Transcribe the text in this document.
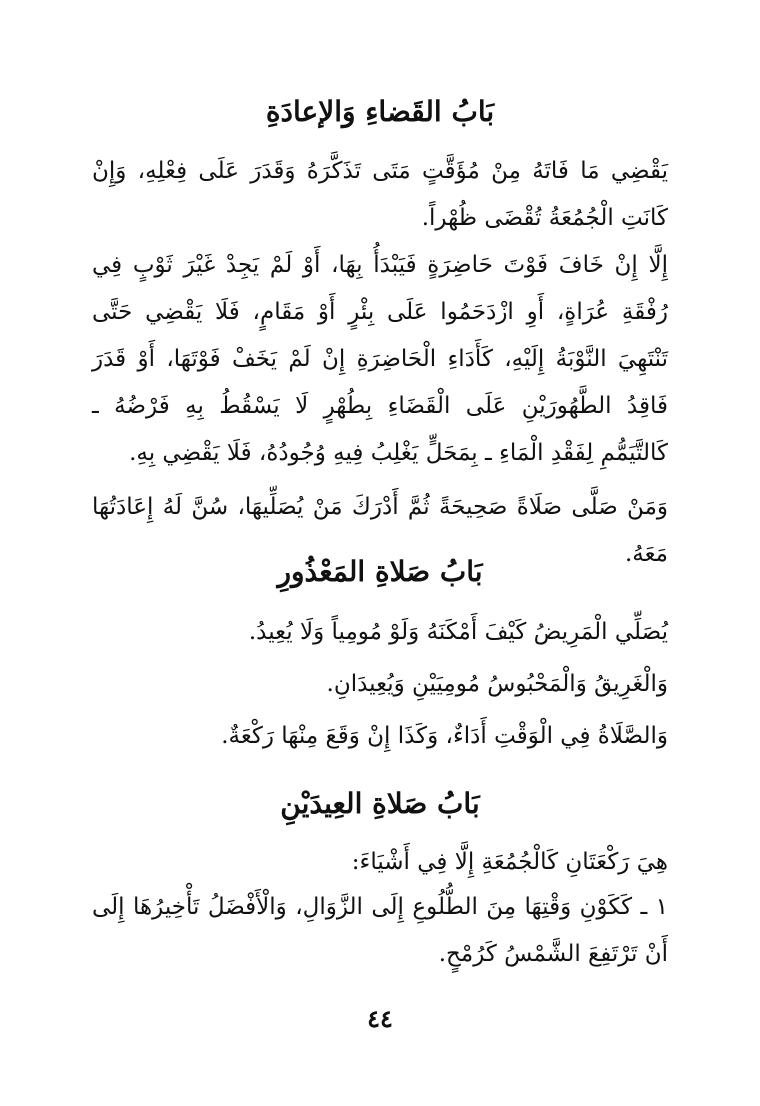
بَابُ القَضاءِ وَالإعادَةِ

يَقْضِي مَا فَاتَهُ مِنْ مُؤَقَّتٍ مَتَى تَذَكَّرَهُ وَقَدَرَ عَلَى فِعْلِهِ، وَإِنْ كَانَتِ الْجُمُعَةُ تُقْضَى ظُهْراً.

إِلَّا إِنْ خَافَ فَوْتَ حَاضِرَةٍ فَيَبْدَأُ بِهَا، أَوْ لَمْ يَجِدْ غَيْرَ ثَوْبٍ فِي رُفْقَةِ عُرَاةٍ، أَوِ ازْدَحَمُوا عَلَى بِئْرٍ أَوْ مَقَامٍ، فَلَا يَقْضِي حَتَّى تَنْتَهِيَ النَّوْبَةُ إِلَيْهِ، كَأَدَاءِ الْحَاضِرَةِ إِنْ لَمْ يَخَفْ فَوْتَهَا، أَوْ قَدَرَ فَاقِدُ الطَّهُورَيْنِ عَلَى الْقَضَاءِ بِطُهْرٍ لَا يَسْقُطُ بِهِ فَرْضُهُ ـ كَالتَّيَمُّمِ لِفَقْدِ الْمَاءِ ـ بِمَحَلٍّ يَغْلِبُ فِيهِ وُجُودُهُ، فَلَا يَقْضِي بِهِ.

وَمَنْ صَلَّى صَلَاةً صَحِيحَةً ثُمَّ أَدْرَكَ مَنْ يُصَلِّيهَا، سُنَّ لَهُ إِعَادَتُهَا مَعَهُ.

بَابُ صَلاةِ المَعْذُورِ

يُصَلِّي الْمَرِيضُ كَيْفَ أَمْكَنَهُ وَلَوْ مُومِياً وَلَا يُعِيدُ.

وَالْغَرِيقُ وَالْمَحْبُوسُ مُومِيَيْنِ وَيُعِيدَانِ.

وَالصَّلَاةُ فِي الْوَقْتِ أَدَاءٌ، وَكَذَا إِنْ وَقَعَ مِنْهَا رَكْعَةٌ.

بَابُ صَلاةِ العِيدَيْنِ

هِيَ رَكْعَتَانِ كَالْجُمُعَةِ إِلَّا فِي أَشْيَاءَ:

١ ـ كَكَوْنِ وَقْتِهَا مِنَ الطُّلُوعِ إِلَى الزَّوَالِ، وَالْأَفْضَلُ تَأْخِيرُهَا إِلَى أَنْ تَرْتَفِعَ الشَّمْسُ كَرُمْحٍ.

٤٤
